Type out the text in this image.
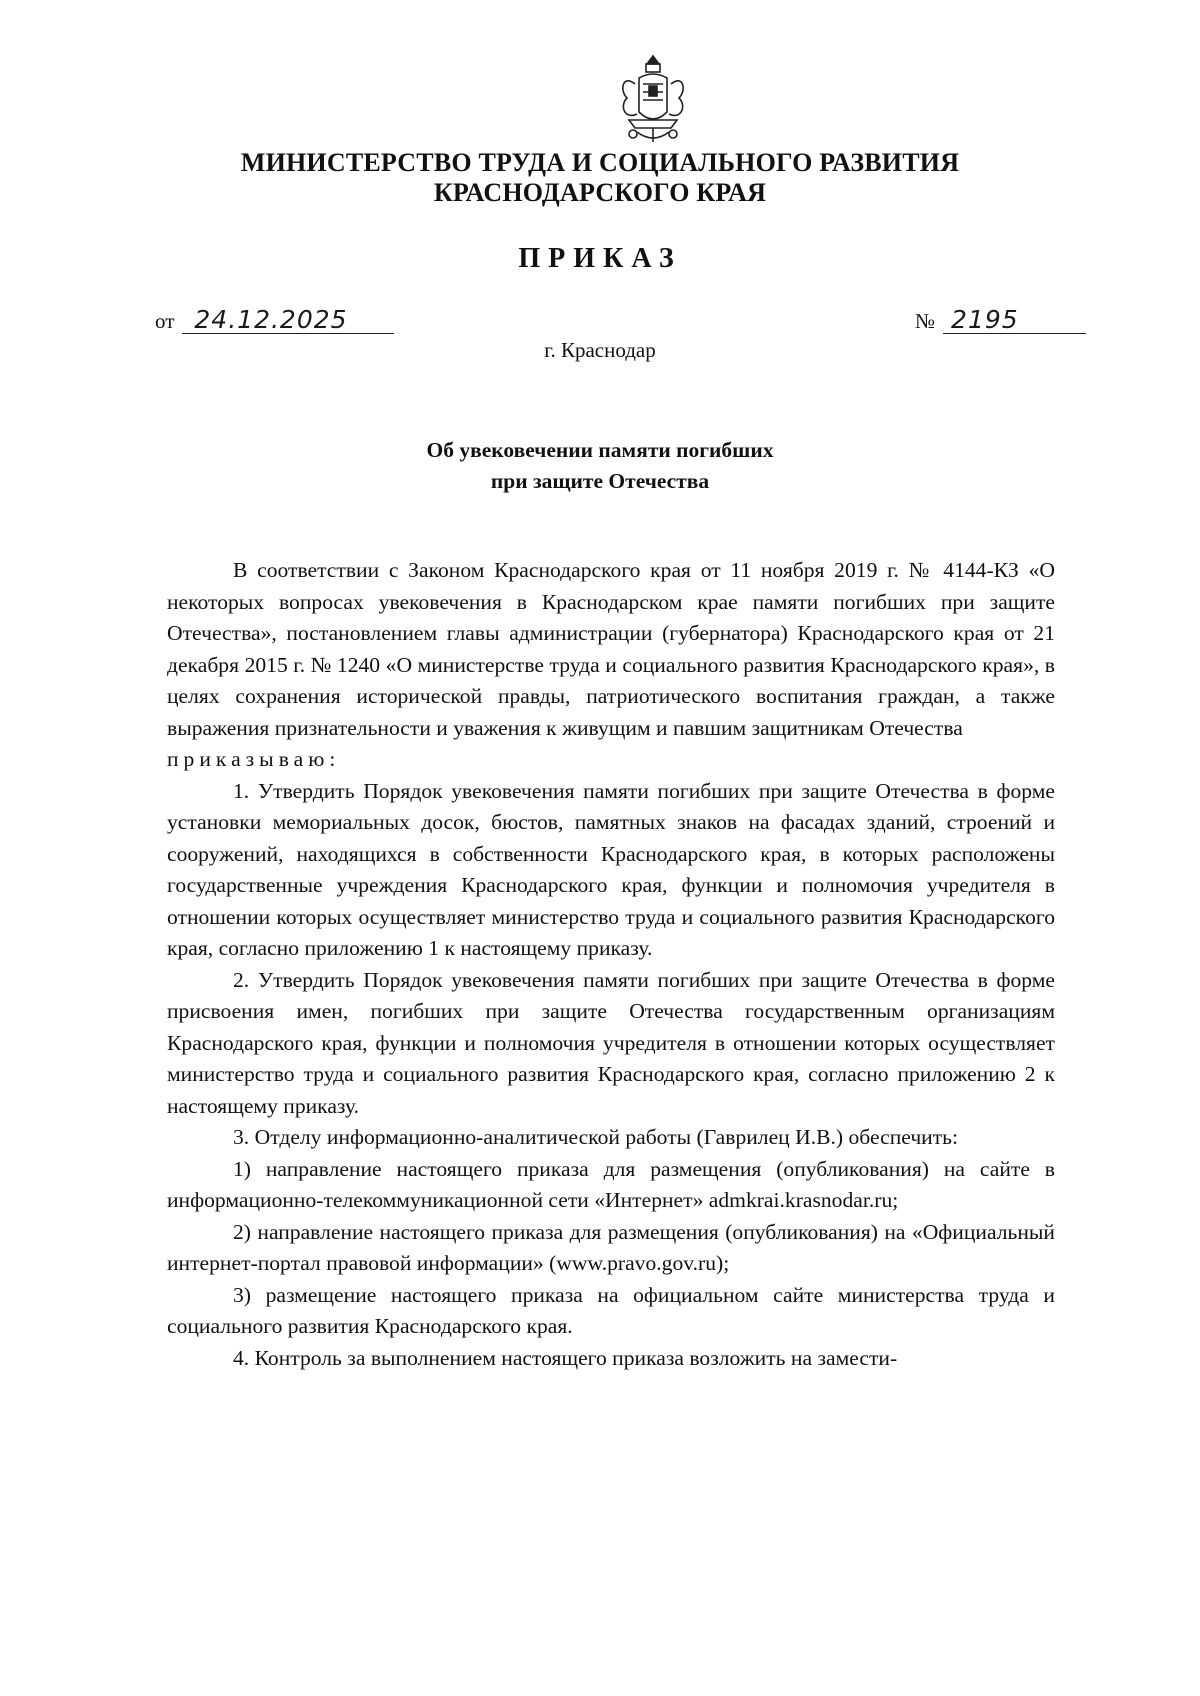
МИНИСТЕРСТВО ТРУДА И СОЦИАЛЬНОГО РАЗВИТИЯ
КРАСНОДАРСКОГО КРАЯ
ПРИКАЗ
от 24.12.2025	№ 2195
г. Краснодар
Об увековечении памяти погибших
при защите Отечества

В соответствии с Законом Краснодарского края от 11 ноября 2019 г. № 4144-КЗ «О некоторых вопросах увековечения в Краснодарском крае памяти погибших при защите Отечества», постановлением главы администрации (губернатора) Краснодарского края от 21 декабря 2015 г. № 1240 «О министерстве труда и социального развития Краснодарского края», в целях сохранения исторической правды, патриотического воспитания граждан, а также выражения признательности и уважения к живущим и павшим защитникам Отечества

приказываю:

1. Утвердить Порядок увековечения памяти погибших при защите Отечества в форме установки мемориальных досок, бюстов, памятных знаков на фасадах зданий, строений и сооружений, находящихся в собственности Краснодарского края, в которых расположены государственные учреждения Краснодарского края, функции и полномочия учредителя в отношении которых осуществляет министерство труда и социального развития Краснодарского края, согласно приложению 1 к настоящему приказу.

2. Утвердить Порядок увековечения памяти погибших при защите Отечества в форме присвоения имен, погибших при защите Отечества государственным организациям Краснодарского края, функции и полномочия учредителя в отношении которых осуществляет министерство труда и социального развития Краснодарского края, согласно приложению 2 к настоящему приказу.

3. Отделу информационно-аналитической работы (Гаврилец И.В.) обеспечить:

1) направление настоящего приказа для размещения (опубликования) на сайте в информационно-телекоммуникационной сети «Интернет» admkrai.krasnodar.ru;

2) направление настоящего приказа для размещения (опубликования) на «Официальный интернет-портал правовой информации» (www.pravo.gov.ru);

3) размещение настоящего приказа на официальном сайте министерства труда и социального развития Краснодарского края.

4. Контроль за выполнением настоящего приказа возложить на замести-
